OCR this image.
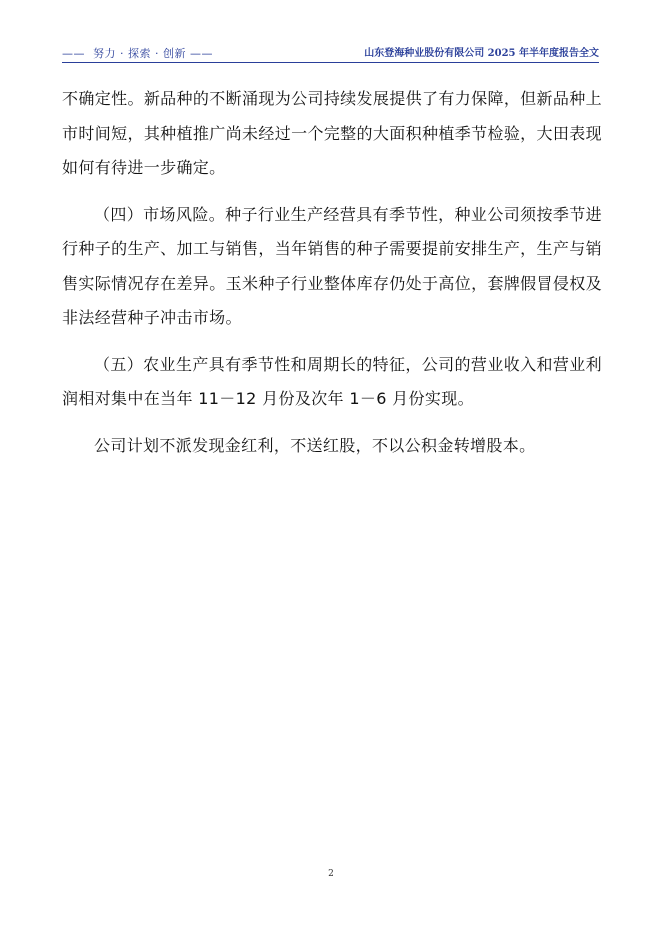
——  努力 · 探索 · 创新 ——	山东登海种业股份有限公司 2025 年半年度报告全文

不确定性。新品种的不断涌现为公司持续发展提供了有力保障，但新品种上市时间短，其种植推广尚未经过一个完整的大面积种植季节检验，大田表现如何有待进一步确定。

（四）市场风险。种子行业生产经营具有季节性，种业公司须按季节进行种子的生产、加工与销售，当年销售的种子需要提前安排生产，生产与销售实际情况存在差异。玉米种子行业整体库存仍处于高位，套牌假冒侵权及非法经营种子冲击市场。

（五）农业生产具有季节性和周期长的特征，公司的营业收入和营业利润相对集中在当年 11－12 月份及次年 1－6 月份实现。

公司计划不派发现金红利，不送红股，不以公积金转增股本。

2
